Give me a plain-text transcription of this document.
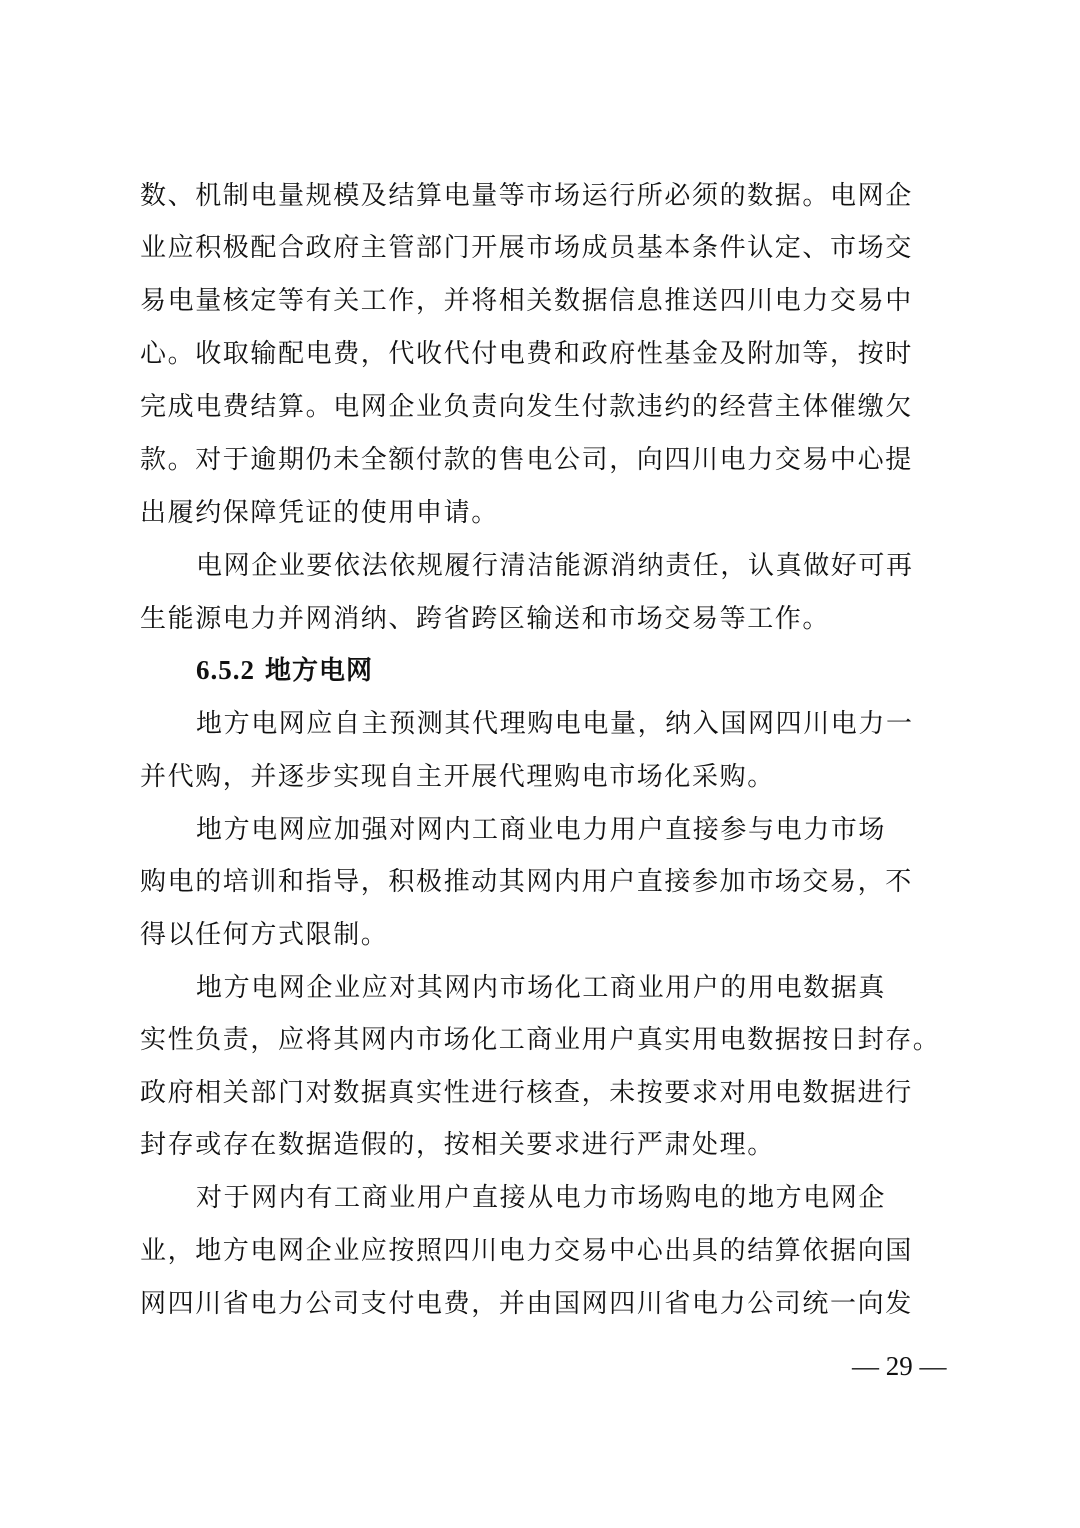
数、机制电量规模及结算电量等市场运行所必须的数据。电网企
业应积极配合政府主管部门开展市场成员基本条件认定、市场交
易电量核定等有关工作，并将相关数据信息推送四川电力交易中
心。收取输配电费，代收代付电费和政府性基金及附加等，按时
完成电费结算。电网企业负责向发生付款违约的经营主体催缴欠
款。对于逾期仍未全额付款的售电公司，向四川电力交易中心提
出履约保障凭证的使用申请。
电网企业要依法依规履行清洁能源消纳责任，认真做好可再
生能源电力并网消纳、跨省跨区输送和市场交易等工作。
6.5.2 地方电网
地方电网应自主预测其代理购电电量，纳入国网四川电力一
并代购，并逐步实现自主开展代理购电市场化采购。
地方电网应加强对网内工商业电力用户直接参与电力市场
购电的培训和指导，积极推动其网内用户直接参加市场交易，不
得以任何方式限制。
地方电网企业应对其网内市场化工商业用户的用电数据真
实性负责，应将其网内市场化工商业用户真实用电数据按日封存。
政府相关部门对数据真实性进行核查，未按要求对用电数据进行
封存或存在数据造假的，按相关要求进行严肃处理。
对于网内有工商业用户直接从电力市场购电的地方电网企
业，地方电网企业应按照四川电力交易中心出具的结算依据向国
网四川省电力公司支付电费，并由国网四川省电力公司统一向发
— 29 —
